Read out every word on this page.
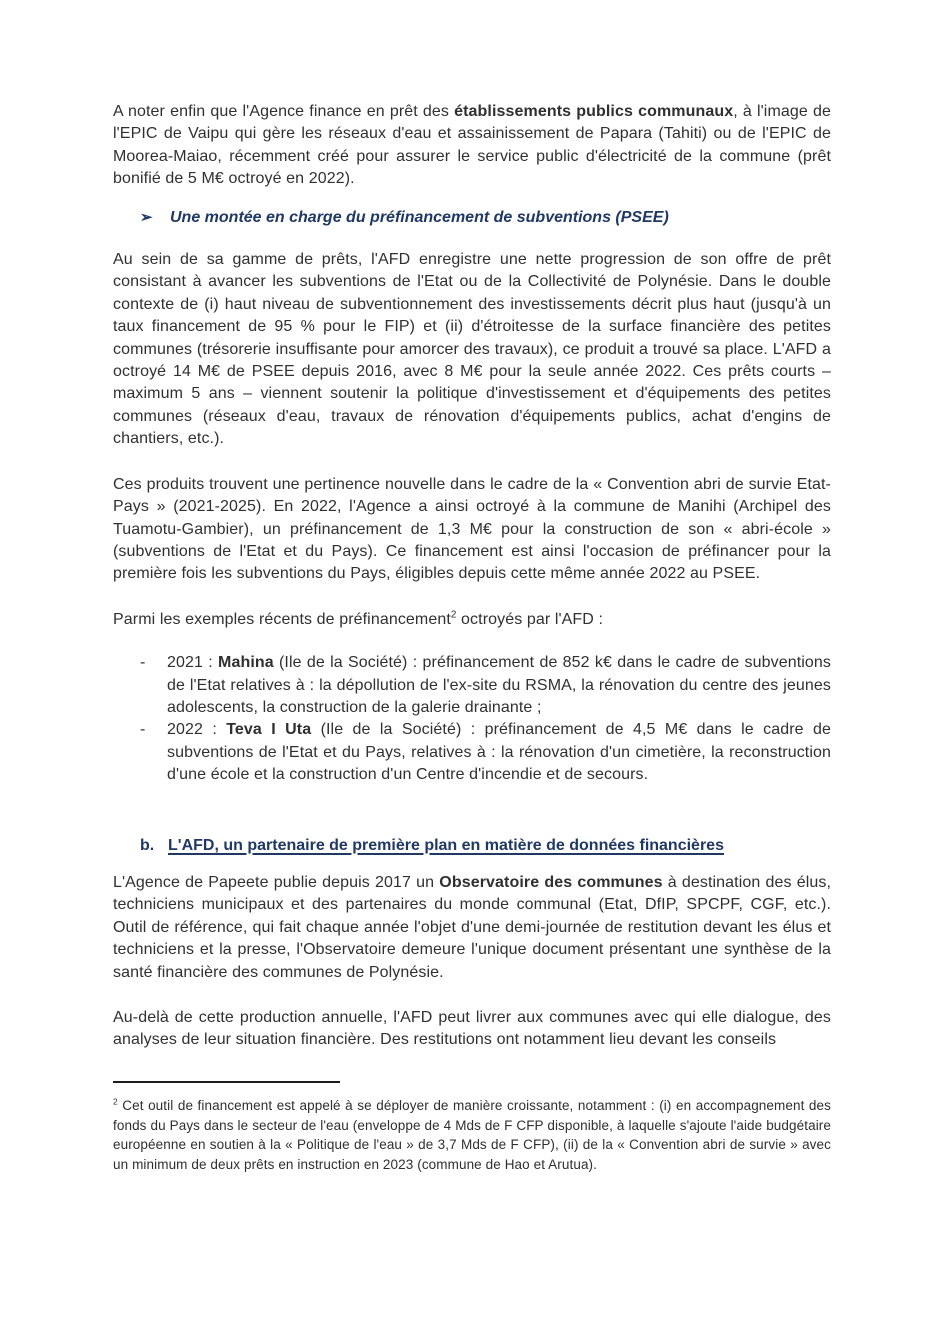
A noter enfin que l'Agence finance en prêt des établissements publics communaux, à l'image de l'EPIC de Vaipu qui gère les réseaux d'eau et assainissement de Papara (Tahiti) ou de l'EPIC de Moorea-Maiao, récemment créé pour assurer le service public d'électricité de la commune (prêt bonifié de 5 M€ octroyé en 2022).

➢	Une montée en charge du préfinancement de subventions (PSEE)

Au sein de sa gamme de prêts, l'AFD enregistre une nette progression de son offre de prêt consistant à avancer les subventions de l'Etat ou de la Collectivité de Polynésie. Dans le double contexte de (i) haut niveau de subventionnement des investissements décrit plus haut (jusqu'à un taux financement de 95 % pour le FIP) et (ii) d'étroitesse de la surface financière des petites communes (trésorerie insuffisante pour amorcer des travaux), ce produit a trouvé sa place. L'AFD a octroyé 14 M€ de PSEE depuis 2016, avec 8 M€ pour la seule année 2022. Ces prêts courts – maximum 5 ans – viennent soutenir la politique d'investissement et d'équipements des petites communes (réseaux d'eau, travaux de rénovation d'équipements publics, achat d'engins de chantiers, etc.).

Ces produits trouvent une pertinence nouvelle dans le cadre de la « Convention abri de survie Etat-Pays » (2021-2025). En 2022, l'Agence a ainsi octroyé à la commune de Manihi (Archipel des Tuamotu-Gambier), un préfinancement de 1,3 M€ pour la construction de son « abri-école » (subventions de l'Etat et du Pays). Ce financement est ainsi l'occasion de préfinancer pour la première fois les subventions du Pays, éligibles depuis cette même année 2022 au PSEE.

Parmi les exemples récents de préfinancement$^2$ octroyés par l'AFD :

-	2021 : Mahina (Ile de la Société) : préfinancement de 852 k€ dans le cadre de subventions de l'Etat relatives à : la dépollution de l'ex-site du RSMA, la rénovation du centre des jeunes adolescents, la construction de la galerie drainante ;
-	2022 : Teva I Uta (Ile de la Société) : préfinancement de 4,5 M€ dans le cadre de subventions de l'Etat et du Pays, relatives à : la rénovation d'un cimetière, la reconstruction d'une école et la construction d'un Centre d'incendie et de secours.
b. L'AFD, un partenaire de première plan en matière de données financières

L'Agence de Papeete publie depuis 2017 un Observatoire des communes à destination des élus, techniciens municipaux et des partenaires du monde communal (Etat, DfIP, SPCPF, CGF, etc.). Outil de référence, qui fait chaque année l'objet d'une demi-journée de restitution devant les élus et techniciens et la presse, l'Observatoire demeure l'unique document présentant une synthèse de la santé financière des communes de Polynésie.

Au-delà de cette production annuelle, l'AFD peut livrer aux communes avec qui elle dialogue, des analyses de leur situation financière. Des restitutions ont notamment lieu devant les conseils

$^2$ Cet outil de financement est appelé à se déployer de manière croissante, notamment : (i) en accompagnement des fonds du Pays dans le secteur de l'eau (enveloppe de 4 Mds de F CFP disponible, à laquelle s'ajoute l'aide budgétaire européenne en soutien à la « Politique de l'eau » de 3,7 Mds de F CFP), (ii) de la « Convention abri de survie » avec un minimum de deux prêts en instruction en 2023 (commune de Hao et Arutua).
